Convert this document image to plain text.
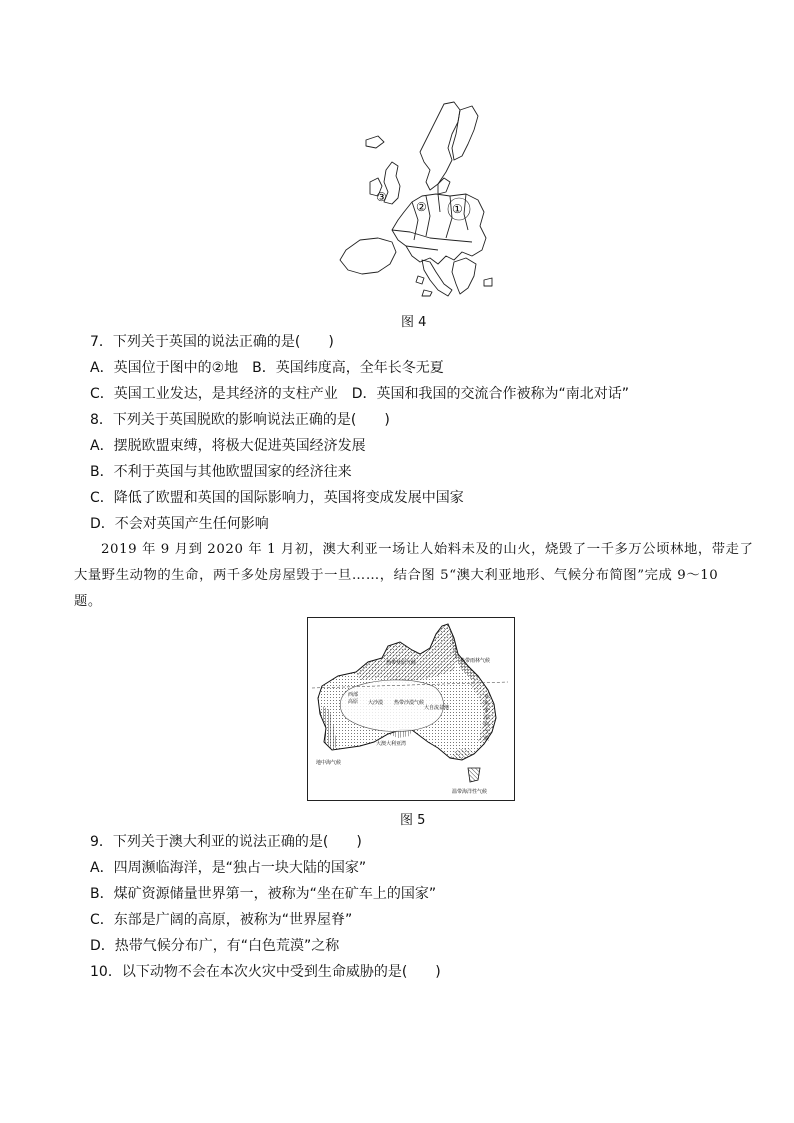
①
②
③
图 4
7．下列关于英国的说法正确的是(　　)
A．英国位于图中的②地　B．英国纬度高，全年长冬无夏
C．英国工业发达，是其经济的支柱产业　D．英国和我国的交流合作被称为“南北对话”
8．下列关于英国脱欧的影响说法正确的是(　　)
A．摆脱欧盟束缚，将极大促进英国经济发展
B．不利于英国与其他欧盟国家的经济往来
C．降低了欧盟和英国的国际影响力，英国将变成发展中国家
D．不会对英国产生任何影响
2019 年 9 月到 2020 年 1 月初，澳大利亚一场让人始料未及的山火，烧毁了一千多万公顷林地，带走了
大量野生动物的生命，两千多处房屋毁于一旦……，结合图 5“澳大利亚地形、气候分布简图”完成 9～10
题。
热带草原气候	热带雨林气候
西部
高原 大沙漠 热带沙漠气候
大自流盆地
亚
热
带
湿
润
气
候
大澳大利亚湾
地中海气候
温带海洋性气候
图 5
9．下列关于澳大利亚的说法正确的是(　　)
A．四周濒临海洋，是“独占一块大陆的国家”
B．煤矿资源储量世界第一，被称为“坐在矿车上的国家”
C．东部是广阔的高原，被称为“世界屋脊”
D．热带气候分布广，有“白色荒漠”之称
10．以下动物不会在本次火灾中受到生命威胁的是(　　)
